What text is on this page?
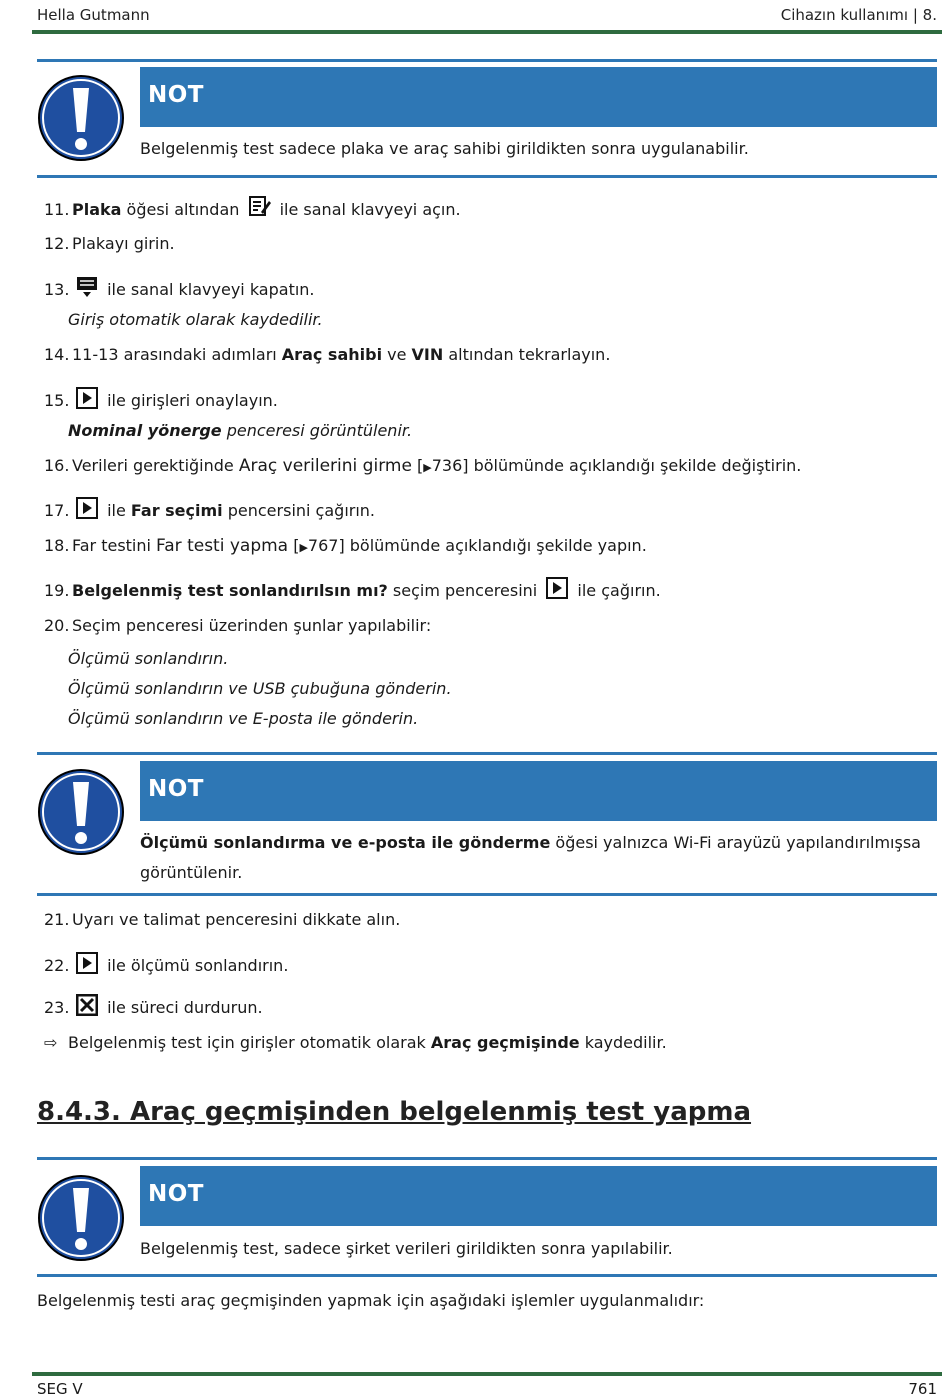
Hella Gutmann	Cihazın kullanımı | 8.
NOT
Belgelenmiş test sadece plaka ve araç sahibi girildikten sonra uygulanabilir.
11. Plaka öğesi altından  ile sanal klavyeyi açın.
12. Plakayı girin.
13. ile sanal klavyeyi kapatın.
Giriş otomatik olarak kaydedilir.
14. 11-13 arasındaki adımları Araç sahibi ve VIN altından tekrarlayın.
15. ile girişleri onaylayın.
Nominal yönerge penceresi görüntülenir.
16. Verileri gerektiğinde Araç verilerini girme [▶736] bölümünde açıklandığı şekilde değiştirin.
17. ile Far seçimi pencersini çağırın.
18. Far testini Far testi yapma [▶767] bölümünde açıklandığı şekilde yapın.
19. Belgelenmiş test sonlandırılsın mı? seçim penceresini  ile çağırın.
20. Seçim penceresi üzerinden şunlar yapılabilir:
Ölçümü sonlandırın.
Ölçümü sonlandırın ve USB çubuğuna gönderin.
Ölçümü sonlandırın ve E-posta ile gönderin.
NOT
Ölçümü sonlandırma ve e-posta ile gönderme öğesi yalnızca Wi-Fi arayüzü yapılandırılmışsa görüntülenir.
21. Uyarı ve talimat penceresini dikkate alın.
22. ile ölçümü sonlandırın.
23. ile süreci durdurun.
⇨ Belgelenmiş test için girişler otomatik olarak Araç geçmişinde kaydedilir.
8.4.3. Araç geçmişinden belgelenmiş test yapma
NOT
Belgelenmiş test, sadece şirket verileri girildikten sonra yapılabilir.
Belgelenmiş testi araç geçmişinden yapmak için aşağıdaki işlemler uygulanmalıdır:
SEG V	761
